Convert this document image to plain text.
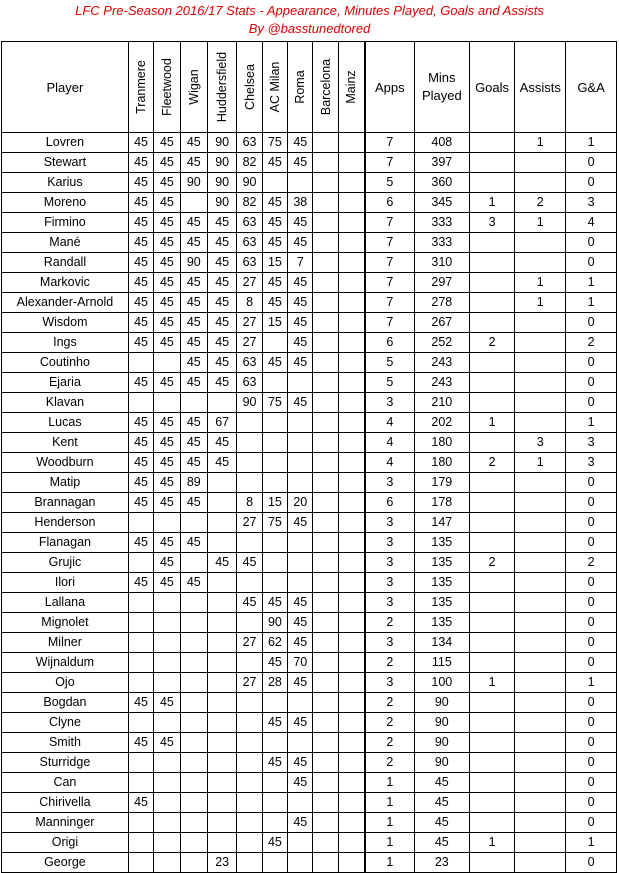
LFC Pre-Season 2016/17 Stats - Appearance, Minutes Played, Goals and Assists
By @basstunedtored
Player	Tranmere	Fleetwood	Wigan	Huddersfield	Chelsea	AC Milan	Roma	Barcelona	Mainz	Apps	Mins Played	Goals	Assists	G&A
Lovren	45	45	45	90	63	75	45			7	408		1	1
Stewart	45	45	45	90	82	45	45			7	397			0
Karius	45	45	90	90	90					5	360			0
Moreno	45	45		90	82	45	38			6	345	1	2	3
Firmino	45	45	45	45	63	45	45			7	333	3	1	4
Mané	45	45	45	45	63	45	45			7	333			0
Randall	45	45	90	45	63	15	7			7	310			0
Markovic	45	45	45	45	27	45	45			7	297		1	1
Alexander-Arnold	45	45	45	45	8	45	45			7	278		1	1
Wisdom	45	45	45	45	27	15	45			7	267			0
Ings	45	45	45	45	27		45			6	252	2		2
Coutinho			45	45	63	45	45			5	243			0
Ejaria	45	45	45	45	63					5	243			0
Klavan					90	75	45			3	210			0
Lucas	45	45	45	67						4	202	1		1
Kent	45	45	45	45						4	180		3	3
Woodburn	45	45	45	45						4	180	2	1	3
Matip	45	45	89							3	179			0
Brannagan	45	45	45		8	15	20			6	178			0
Henderson					27	75	45			3	147			0
Flanagan	45	45	45							3	135			0
Grujic		45		45	45					3	135	2		2
Ilori	45	45	45							3	135			0
Lallana					45	45	45			3	135			0
Mignolet						90	45			2	135			0
Milner					27	62	45			3	134			0
Wijnaldum						45	70			2	115			0
Ojo					27	28	45			3	100	1		1
Bogdan	45	45								2	90			0
Clyne						45	45			2	90			0
Smith	45	45								2	90			0
Sturridge						45	45			2	90			0
Can							45			1	45			0
Chirivella	45									1	45			0
Manninger							45			1	45			0
Origi						45				1	45	1		1
George				23						1	23			0
